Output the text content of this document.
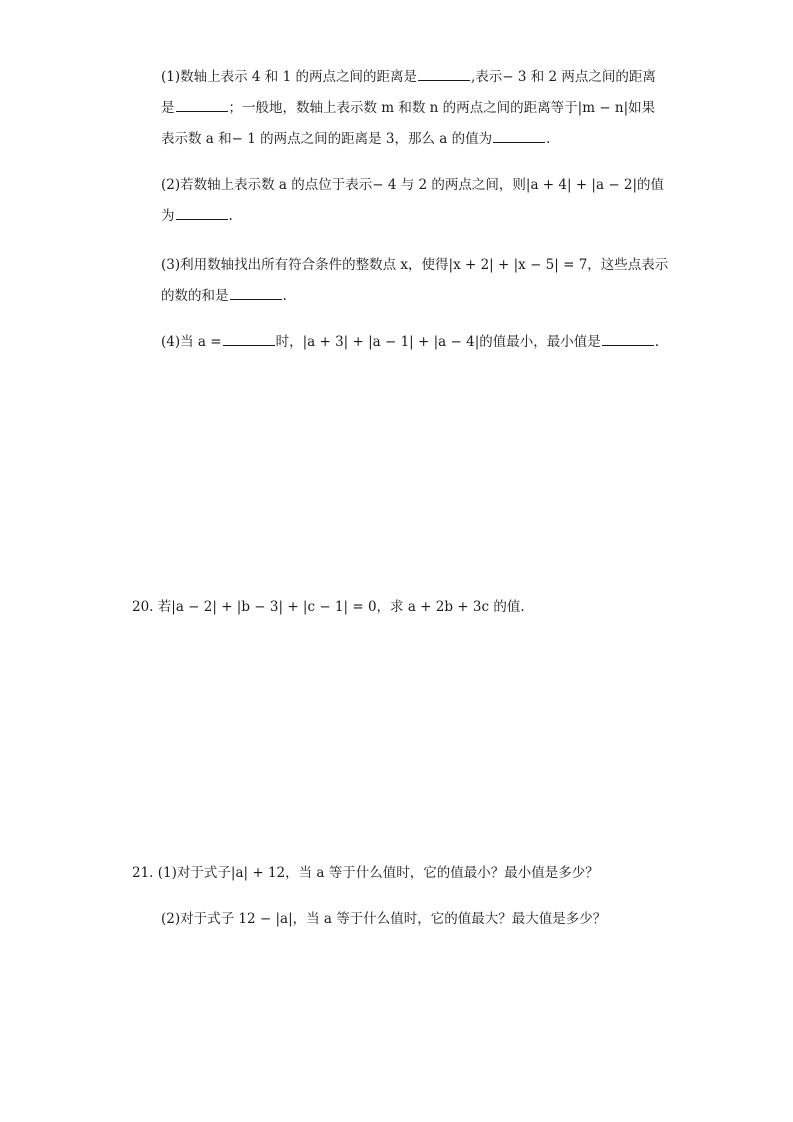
(1)数轴上表示 4 和 1 的两点之间的距离是	,表示− 3 和 2 两点之间的距离
是	；一般地，数轴上表示数 m 和数 n 的两点之间的距离等于|m − n|如果
表示数 a 和− 1 的两点之间的距离是 3，那么 a 的值为	.
(2)若数轴上表示数 a 的点位于表示− 4 与 2 的两点之间，则|a + 4| + |a − 2|的值
为	.
(3)利用数轴找出所有符合条件的整数点 x，使得|x + 2| + |x − 5| = 7，这些点表示
的数的和是	.
(4)当 a =	时，|a + 3| + |a − 1| + |a − 4|的值最小，最小值是	.
20. 若|a − 2| + |b − 3| + |c − 1| = 0，求 a + 2b + 3c 的值.
21. (1)对于式子|a| + 12，当 a 等于什么值时，它的值最小？最小值是多少？
(2)对于式子 12 − |a|，当 a 等于什么值时，它的值最大？最大值是多少？
